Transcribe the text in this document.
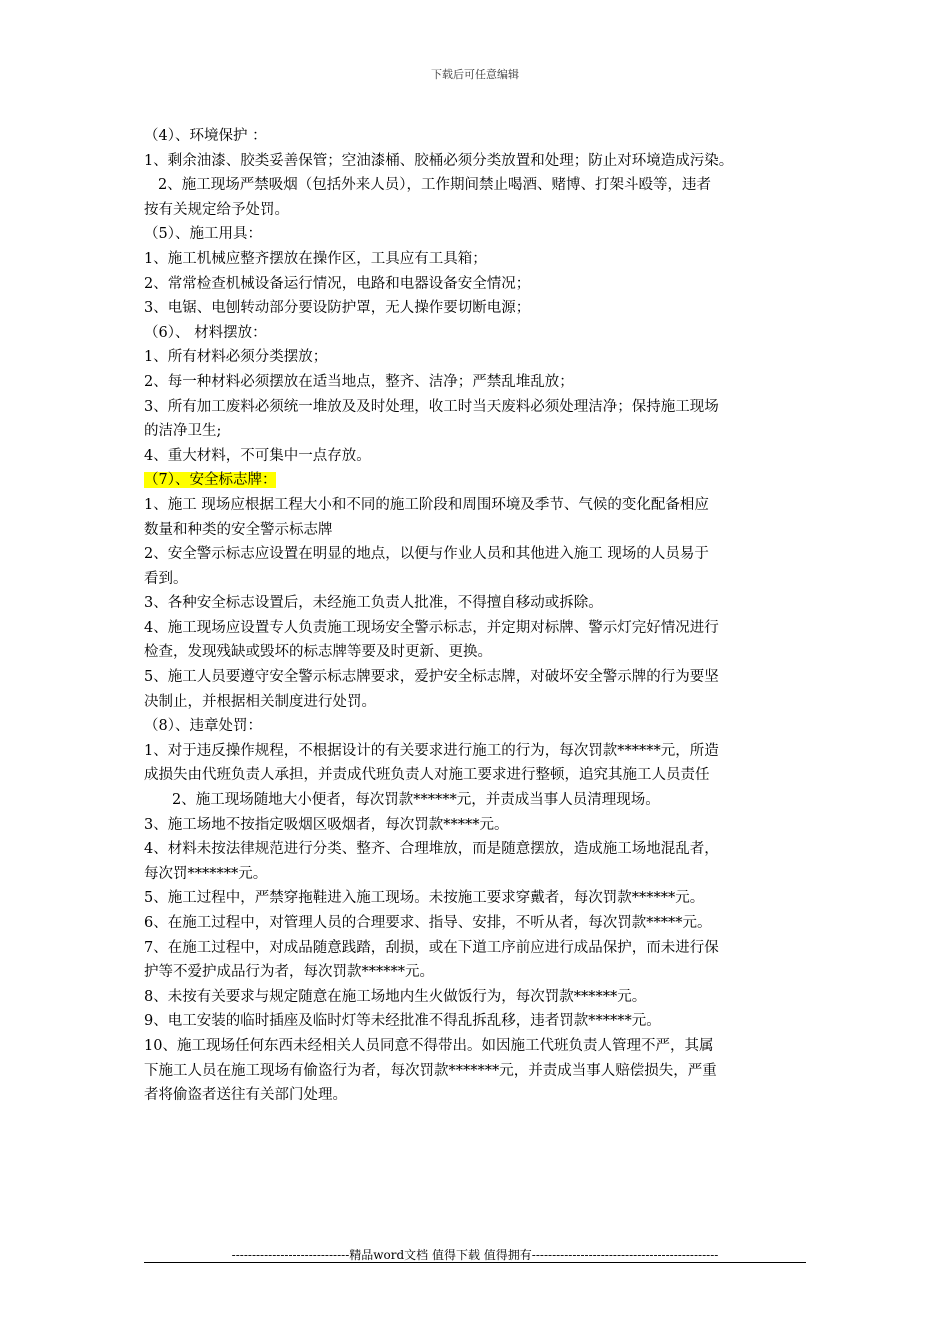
下载后可任意编辑
（4）、环境保护 ：
1、剩余油漆、胶类妥善保管；空油漆桶、胶桶必须分类放置和处理；防止对环境造成污染。
2、施工现场严禁吸烟（包括外来人员），工作期间禁止喝酒、赌博、打架斗殴等，违者
按有关规定给予处罚。
（5）、施工用具：
1、施工机械应整齐摆放在操作区，工具应有工具箱；
2、常常检查机械设备运行情况，电路和电器设备安全情况；
3、电锯、电刨转动部分要设防护罩，无人操作要切断电源；
（6）、 材料摆放：
1、所有材料必须分类摆放；
2、每一种材料必须摆放在适当地点，整齐、洁净；严禁乱堆乱放；
3、所有加工废料必须统一堆放及及时处理，收工时当天废料必须处理洁净；保持施工现场
的洁净卫生;
4、重大材料，不可集中一点存放。
（7）、安全标志牌：
1、施工 现场应根据工程大小和不同的施工阶段和周围环境及季节、气候的变化配备相应
数量和种类的安全警示标志牌
2、安全警示标志应设置在明显的地点，以便与作业人员和其他进入施工 现场的人员易于
看到。
3、各种安全标志设置后，未经施工负责人批准，不得擅自移动或拆除。
4、施工现场应设置专人负责施工现场安全警示标志，并定期对标牌、警示灯完好情况进行
检查，发现残缺或毁坏的标志牌等要及时更新、更换。
5、施工人员要遵守安全警示标志牌要求，爱护安全标志牌，对破坏安全警示牌的行为要坚
决制止，并根据相关制度进行处罚。
（8）、违章处罚：
1、对于违反操作规程，不根据设计的有关要求进行施工的行为，每次罚款******元，所造
成损失由代班负责人承担，并责成代班负责人对施工要求进行整顿，追究其施工人员责任
2、施工现场随地大小便者，每次罚款******元，并责成当事人员清理现场。
3、施工场地不按指定吸烟区吸烟者，每次罚款*****元。
4、材料未按法律规范进行分类、整齐、合理堆放，而是随意摆放，造成施工场地混乱者，
每次罚*******元。
5、施工过程中，严禁穿拖鞋进入施工现场。未按施工要求穿戴者，每次罚款******元。
6、在施工过程中，对管理人员的合理要求、指导、安排，不听从者，每次罚款*****元。
7、在施工过程中，对成品随意践踏，刮损，或在下道工序前应进行成品保护，而未进行保
护等不爱护成品行为者，每次罚款******元。
8、未按有关要求与规定随意在施工场地内生火做饭行为，每次罚款******元。
9、电工安装的临时插座及临时灯等未经批准不得乱拆乱移，违者罚款******元。
10、施工现场任何东西未经相关人员同意不得带出。如因施工代班负责人管理不严，其属
下施工人员在施工现场有偷盗行为者，每次罚款*******元，并责成当事人赔偿损失，严重
者将偷盗者送往有关部门处理。
-----------------------------精品word文档 值得下载 值得拥有----------------------------------------------
